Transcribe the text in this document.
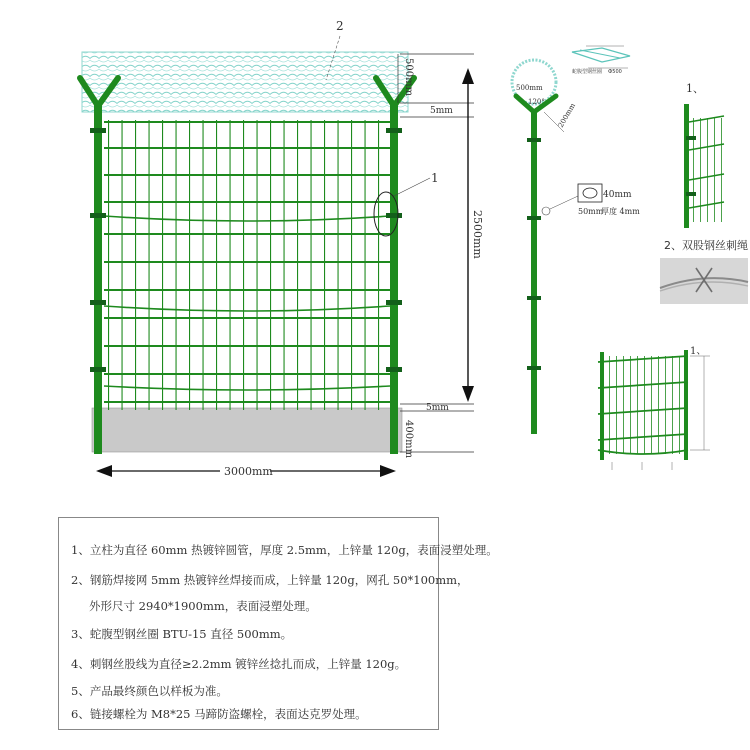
1
2
500mm
5mm
2500mm
5mm
400mm
3000mm
500mm
120° 200mm
蛇腹型钢丝圈 Ф500
40mm
50mm
厚度 4mm
1、
2、双股钢丝刺绳
1、
1、立柱为直径 60mm 热镀锌圆管，厚度 2.5mm，上锌量 120g，表面浸塑处理。
2、钢筋焊接网 5mm 热镀锌丝焊接而成，上锌量 120g，网孔 50*100mm，
外形尺寸 2940*1900mm，表面浸塑处理。
3、蛇腹型钢丝圈 BTU-15 直径 500mm。
4、刺钢丝股线为直径≥2.2mm 镀锌丝捻扎而成，上锌量 120g。
5、产品最终颜色以样板为准。
6、链接螺栓为 M8*25 马蹄防盗螺栓，表面达克罗处理。
